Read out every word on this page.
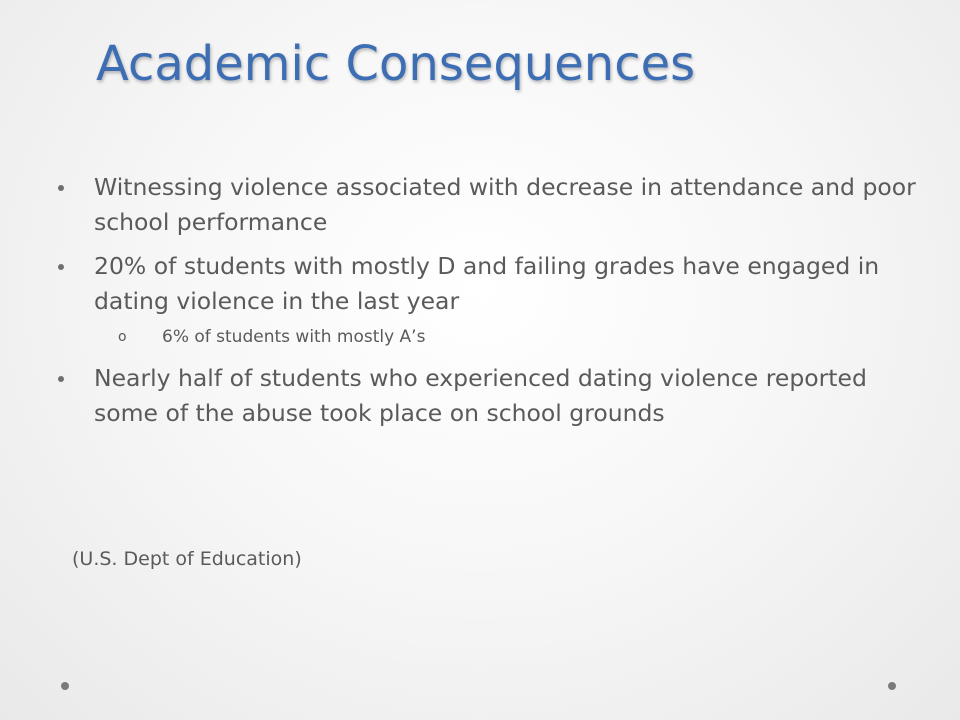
Academic Consequences
Witnessing violence associated with decrease in attendance and poor school performance
20% of students with mostly D and failing grades have engaged in dating violence in the last year
o 6% of students with mostly A’s
Nearly half of students who experienced dating violence reported some of the abuse took place on school grounds
(U.S. Dept of Education)
